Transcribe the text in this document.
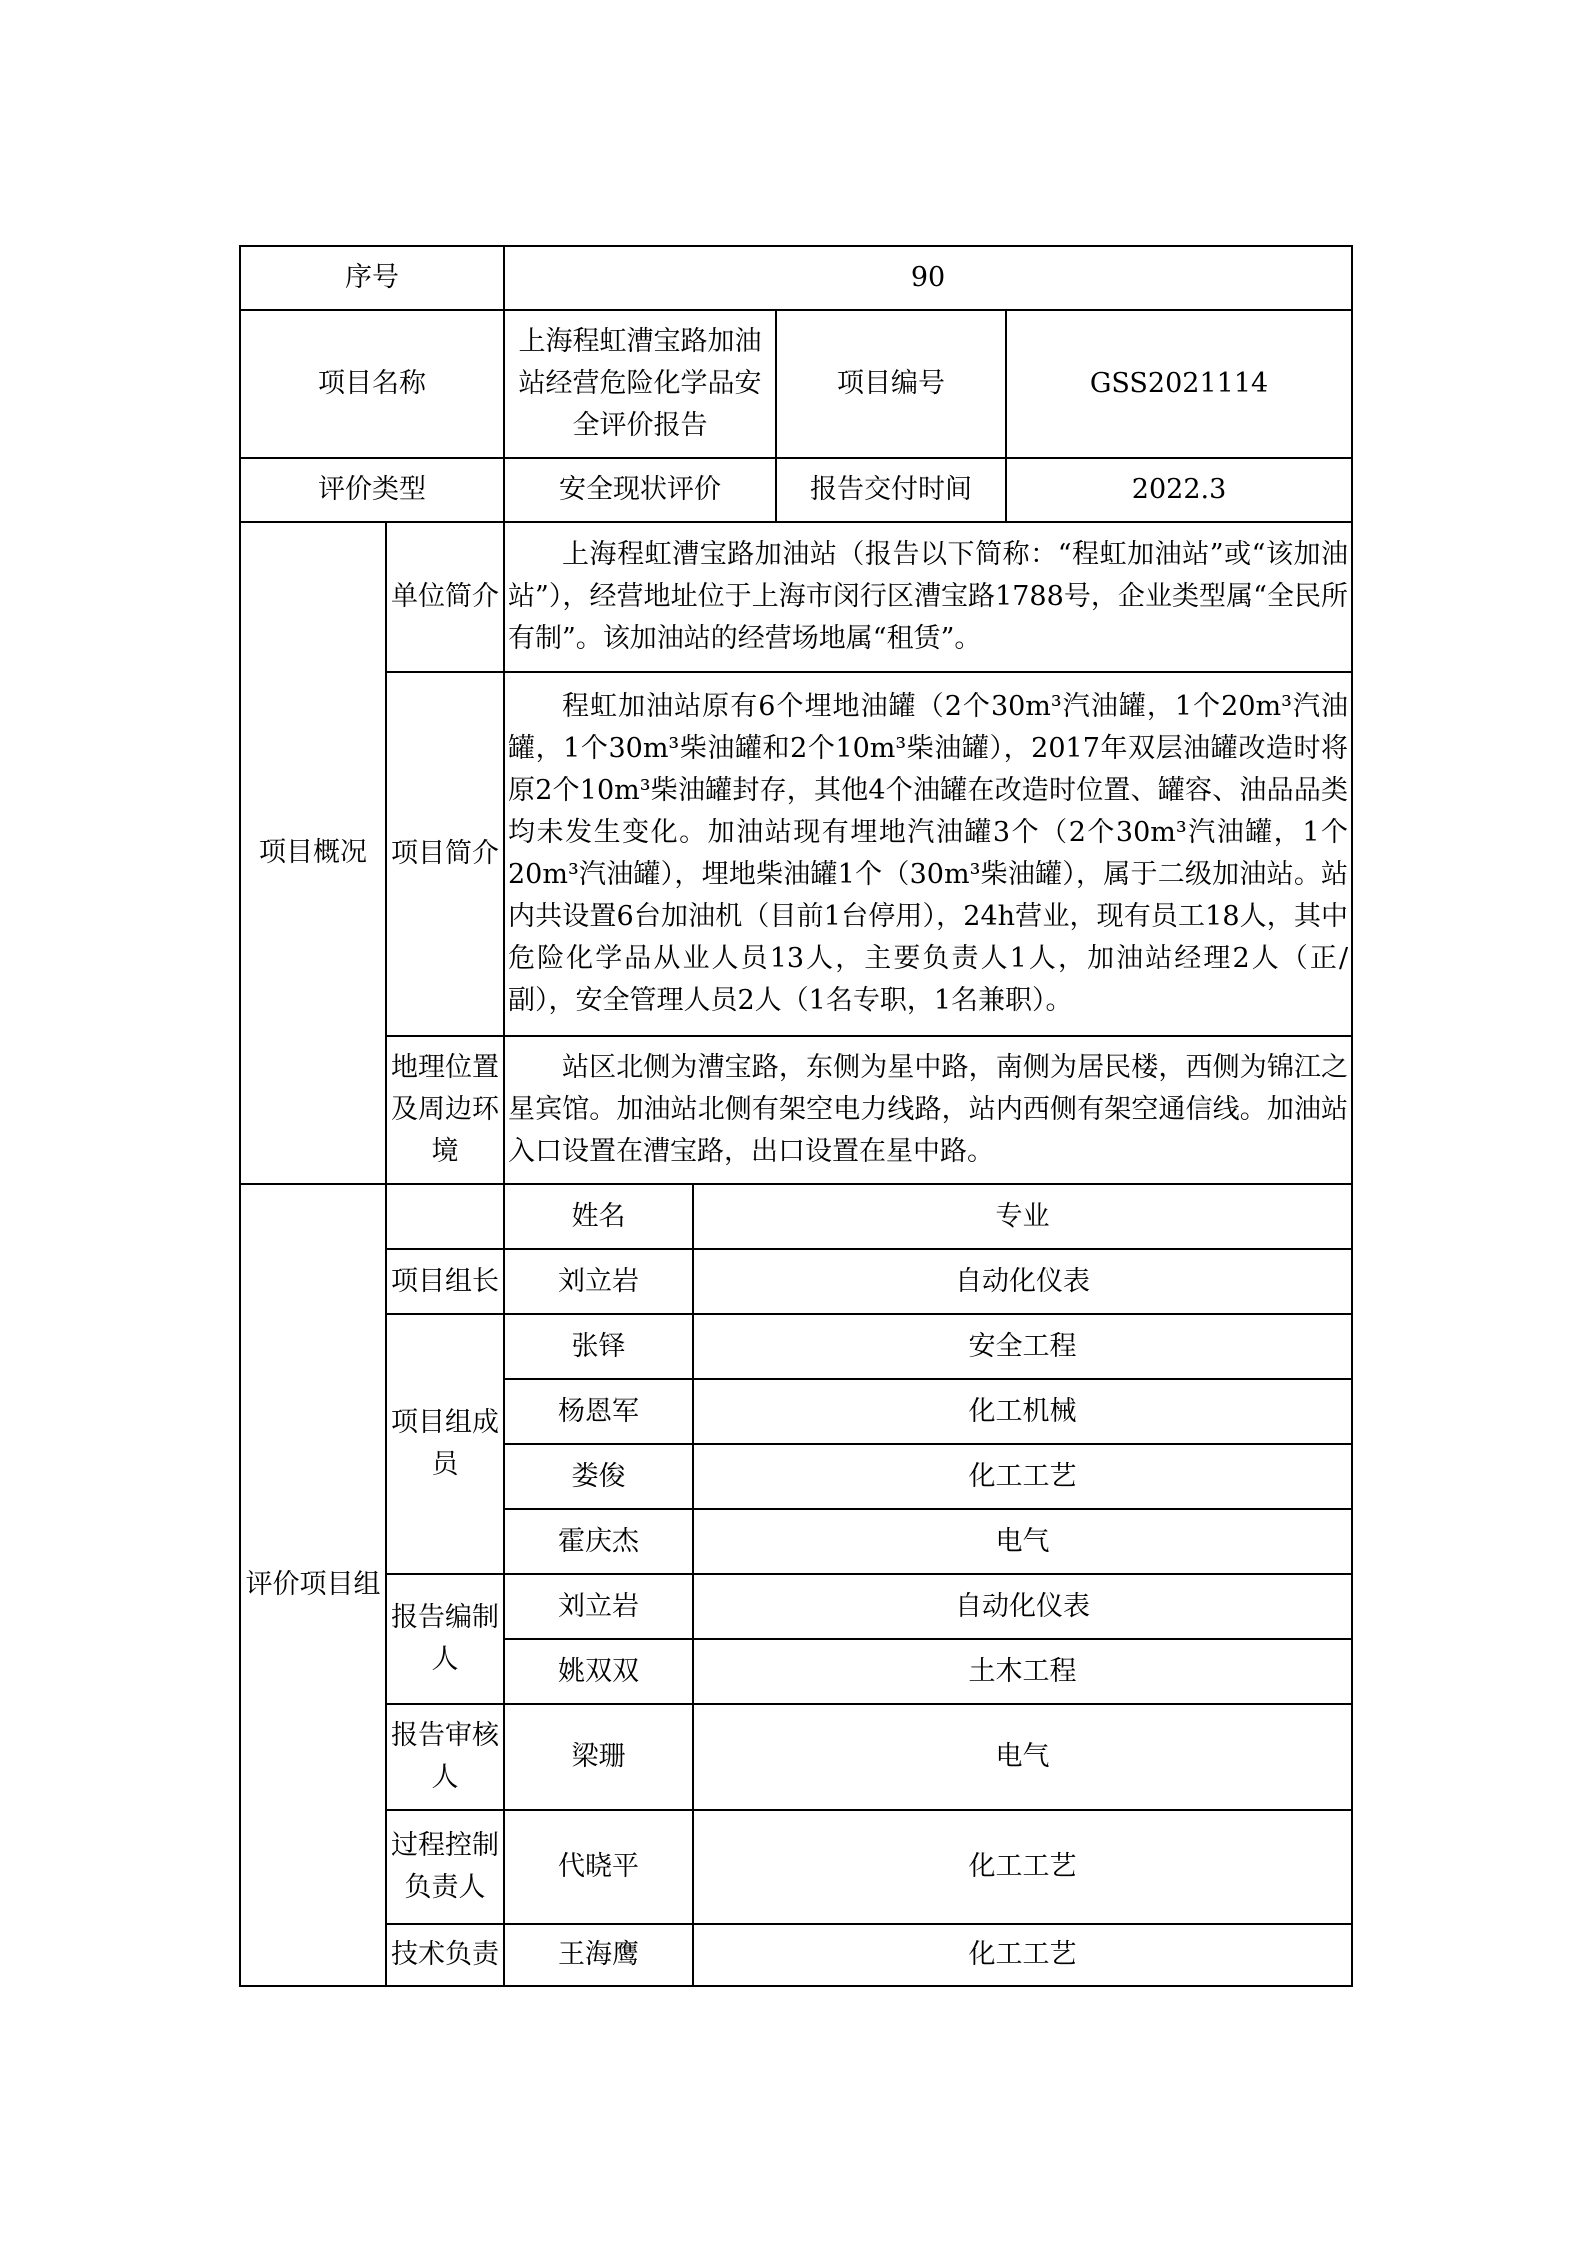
序号		90			
项目名称		上海程虹漕宝路加油站经营危险化学品安全评价报告		项目编号	GSS2021114
评价类型		安全现状评价		报告交付时间	2022.3
项目概况	单位简介	上海程虹漕宝路加油站（报告以下简称：“程虹加油站”或“该加油站”），经营地址位于上海市闵行区漕宝路1788号，企业类型属“全民所有制”。该加油站的经营场地属“租赁”。			

	项目简介	程虹加油站原有6个埋地油罐（2个30m³汽油罐，1个20m³汽油罐，1个30m³柴油罐和2个10m³柴油罐），2017年双层油罐改造时将原2个10m³柴油罐封存，其他4个油罐在改造时位置、罐容、油品品类均未发生变化。加油站现有埋地汽油罐3个（2个30m³汽油罐，1个20m³汽油罐），埋地柴油罐1个（30m³柴油罐），属于二级加油站。站内共设置6台加油机（目前1台停用），24h营业，现有员工18人，其中危险化学品从业人员13人，主要负责人1人，加油站经理2人（正/副），安全管理人员2人（1名专职，1名兼职）。			

	地理位置及周边环境	站区北侧为漕宝路，东侧为星中路，南侧为居民楼，西侧为锦江之星宾馆。加油站北侧有架空电力线路，站内西侧有架空通信线。加油站入口设置在漕宝路，出口设置在星中路。			

评价项目组		姓名	专业		
	项目组长	刘立岩	自动化仪表		
	项目组成员	张铎	安全工程		
		杨恩军	化工机械		
		娄俊	化工工艺		
		霍庆杰	电气		
	报告编制人	刘立岩	自动化仪表		
		姚双双	土木工程		
	报告审核人	梁珊	电气		
	过程控制负责人	代晓平	化工工艺		
	技术负责	王海鹰	化工工艺		
